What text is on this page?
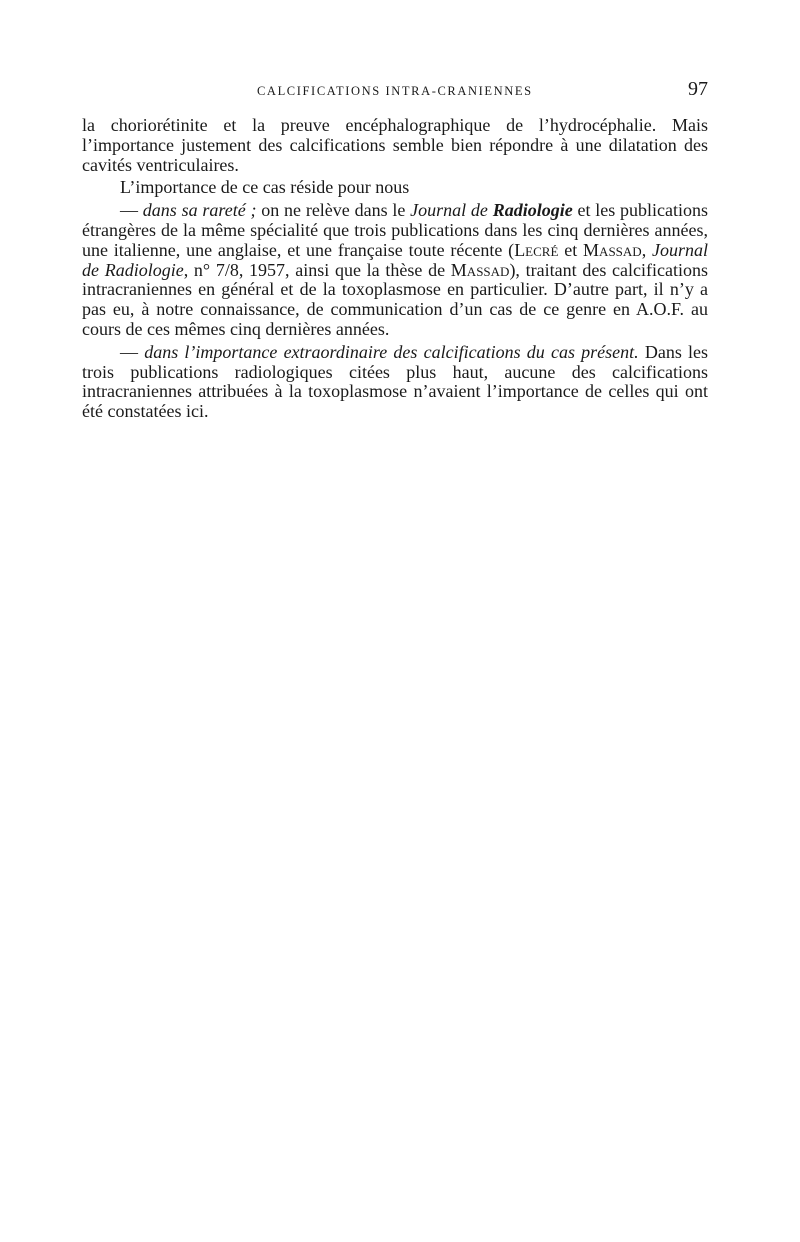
CALCIFICATIONS INTRA-CRANIENNES	97

la choriorétinite et la preuve encéphalographique de l’hydrocéphalie. Mais l’importance justement des calcifications semble bien répondre à une dilatation des cavités ventriculaires.

L’importance de ce cas réside pour nous

— dans sa rareté ; on ne relève dans le Journal de Radiologie et les publications étrangères de la même spécialité que trois publications dans les cinq dernières années, une italienne, une anglaise, et une française toute récente (Lecré et Massad, Journal de Radiologie, n° 7/8, 1957, ainsi que la thèse de Massad), traitant des calcifications intracraniennes en général et de la toxoplasmose en particulier. D’autre part, il n’y a pas eu, à notre connaissance, de communication d’un cas de ce genre en A.O.F. au cours de ces mêmes cinq dernières années.

— dans l’importance extraordinaire des calcifications du cas présent. Dans les trois publications radiologiques citées plus haut, aucune des calcifications intracraniennes attribuées à la toxoplasmose n’avaient l’importance de celles qui ont été constatées ici.
